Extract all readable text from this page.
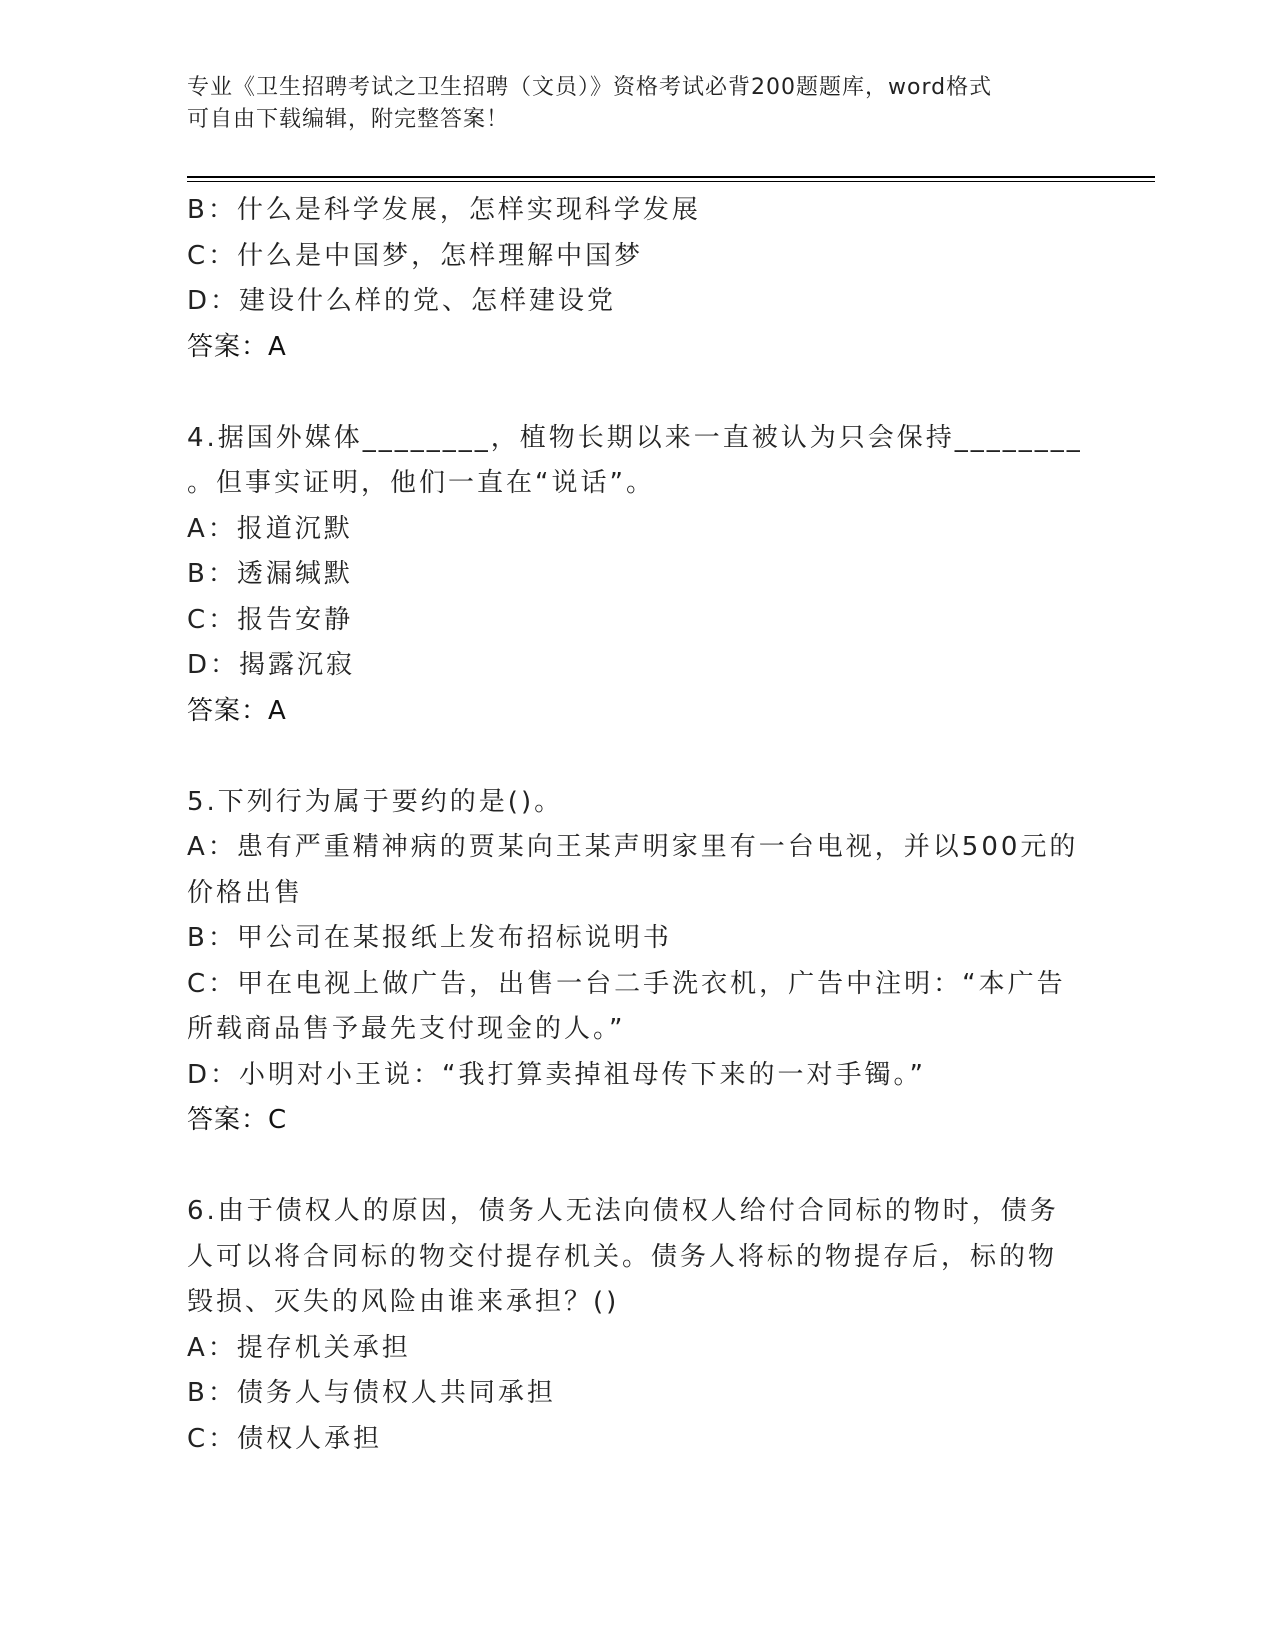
专业《卫生招聘考试之卫生招聘（文员）》资格考试必背200题题库，word格式
可自由下载编辑，附完整答案！
B：什么是科学发展，怎样实现科学发展
C：什么是中国梦，怎样理解中国梦
D：建设什么样的党、怎样建设党
答案：A
4.据国外媒体________，植物长期以来一直被认为只会保持________
。但事实证明，他们一直在“说话”。
A：报道沉默
B：透漏缄默
C：报告安静
D：揭露沉寂
答案：A
5.下列行为属于要约的是()。
A：患有严重精神病的贾某向王某声明家里有一台电视，并以500元的
价格出售
B：甲公司在某报纸上发布招标说明书
C：甲在电视上做广告，出售一台二手洗衣机，广告中注明：“本广告
所载商品售予最先支付现金的人。”
D：小明对小王说：“我打算卖掉祖母传下来的一对手镯。”
答案：C
6.由于债权人的原因，债务人无法向债权人给付合同标的物时，债务
人可以将合同标的物交付提存机关。债务人将标的物提存后，标的物
毁损、灭失的风险由谁来承担？()
A：提存机关承担
B：债务人与债权人共同承担
C：债权人承担
